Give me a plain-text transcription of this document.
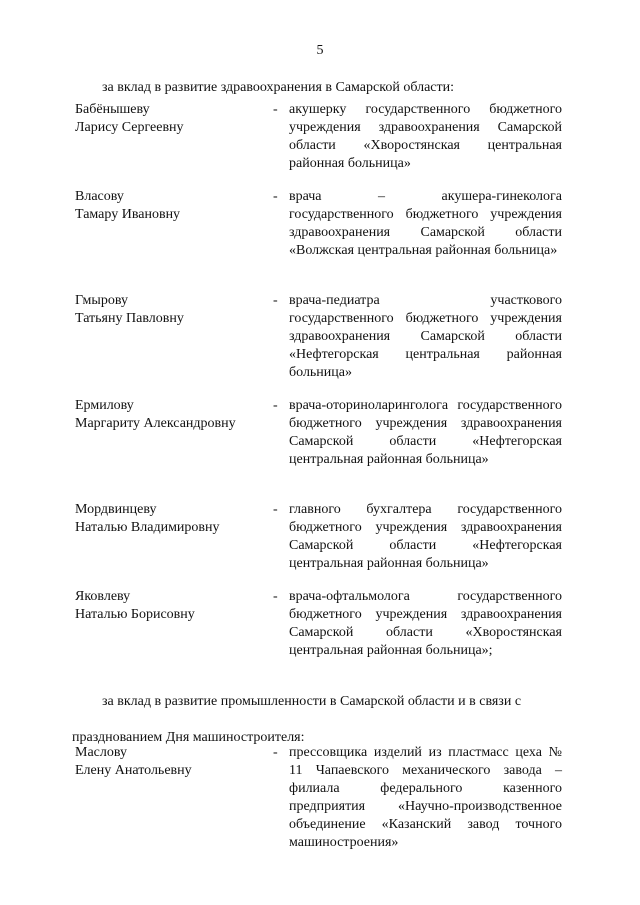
5
за вклад в развитие здравоохранения в Самарской области:
Бабёнышеву
Ларису Сергеевну
- акушерку государственного бюджетного учреждения здравоохранения Самарской области «Хворостянская центральная районная больница»
Власову
Тамару Ивановну
- врача – акушера-гинеколога государственного бюджетного учреждения здравоохранения Самарской области «Волжская центральная районная больница»
Гмырову
Татьяну Павловну
- врача-педиатра участкового государственного бюджетного учреждения здравоохранения Самарской области «Нефтегорская центральная районная больница»
Ермилову
Маргариту Александровну
- врача-оториноларинголога государственного бюджетного учреждения здравоохранения Самарской области «Нефтегорская центральная районная больница»
Мордвинцеву
Наталью Владимировну
- главного бухгалтера государственного бюджетного учреждения здравоохранения Самарской области «Нефтегорская центральная районная больница»
Яковлеву
Наталью Борисовну
- врача-офтальмолога государственного бюджетного учреждения здравоохранения Самарской области «Хворостянская центральная районная больница»;
за вклад в развитие промышленности в Самарской области и в связи с празднованием Дня машиностроителя:
Маслову
Елену Анатольевну
- прессовщика изделий из пластмасс цеха № 11 Чапаевского механического завода – филиала федерального казенного предприятия «Научно-производственное объединение «Казанский завод точного машиностроения»
